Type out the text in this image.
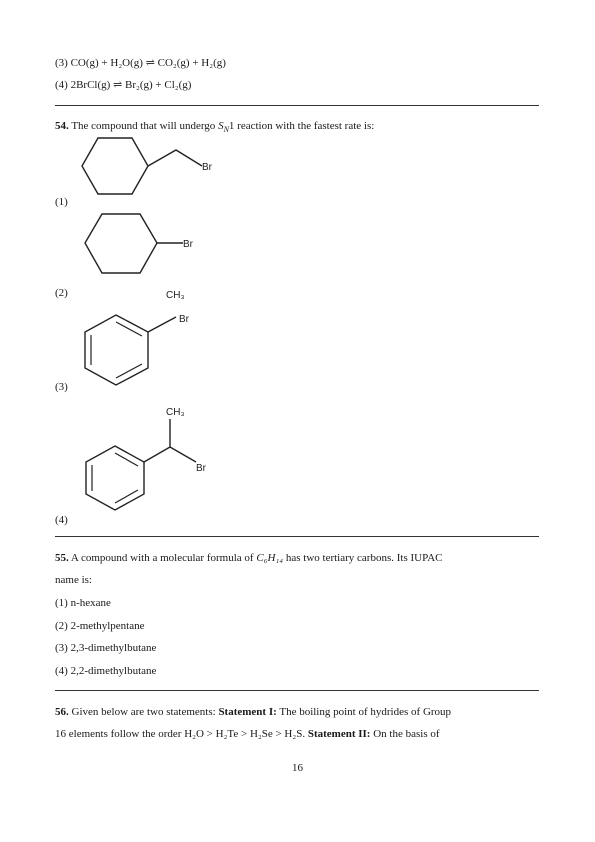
(3) CO(g) + H₂O(g) ⇌ CO₂(g) + H₂(g)
(4) 2BrCl(g) ⇌ Br₂(g) + Cl₂(g)
54. The compound that will undergo $S_N1$ reaction with the fastest rate is:
Br
(1)
Br
(2)	CH₃
Br
(3)
CH₃
Br
(4)
55. A compound with a molecular formula of C₆H₁₄ has two tertiary carbons. Its IUPAC
name is:
(1) n-hexane
(2) 2-methylpentane
(3) 2,3-dimethylbutane
(4) 2,2-dimethylbutane
56. Given below are two statements: Statement I: The boiling point of hydrides of Group
16 elements follow the order H₂O > H₂Te > H₂Se > H₂S. Statement II: On the basis of
16
